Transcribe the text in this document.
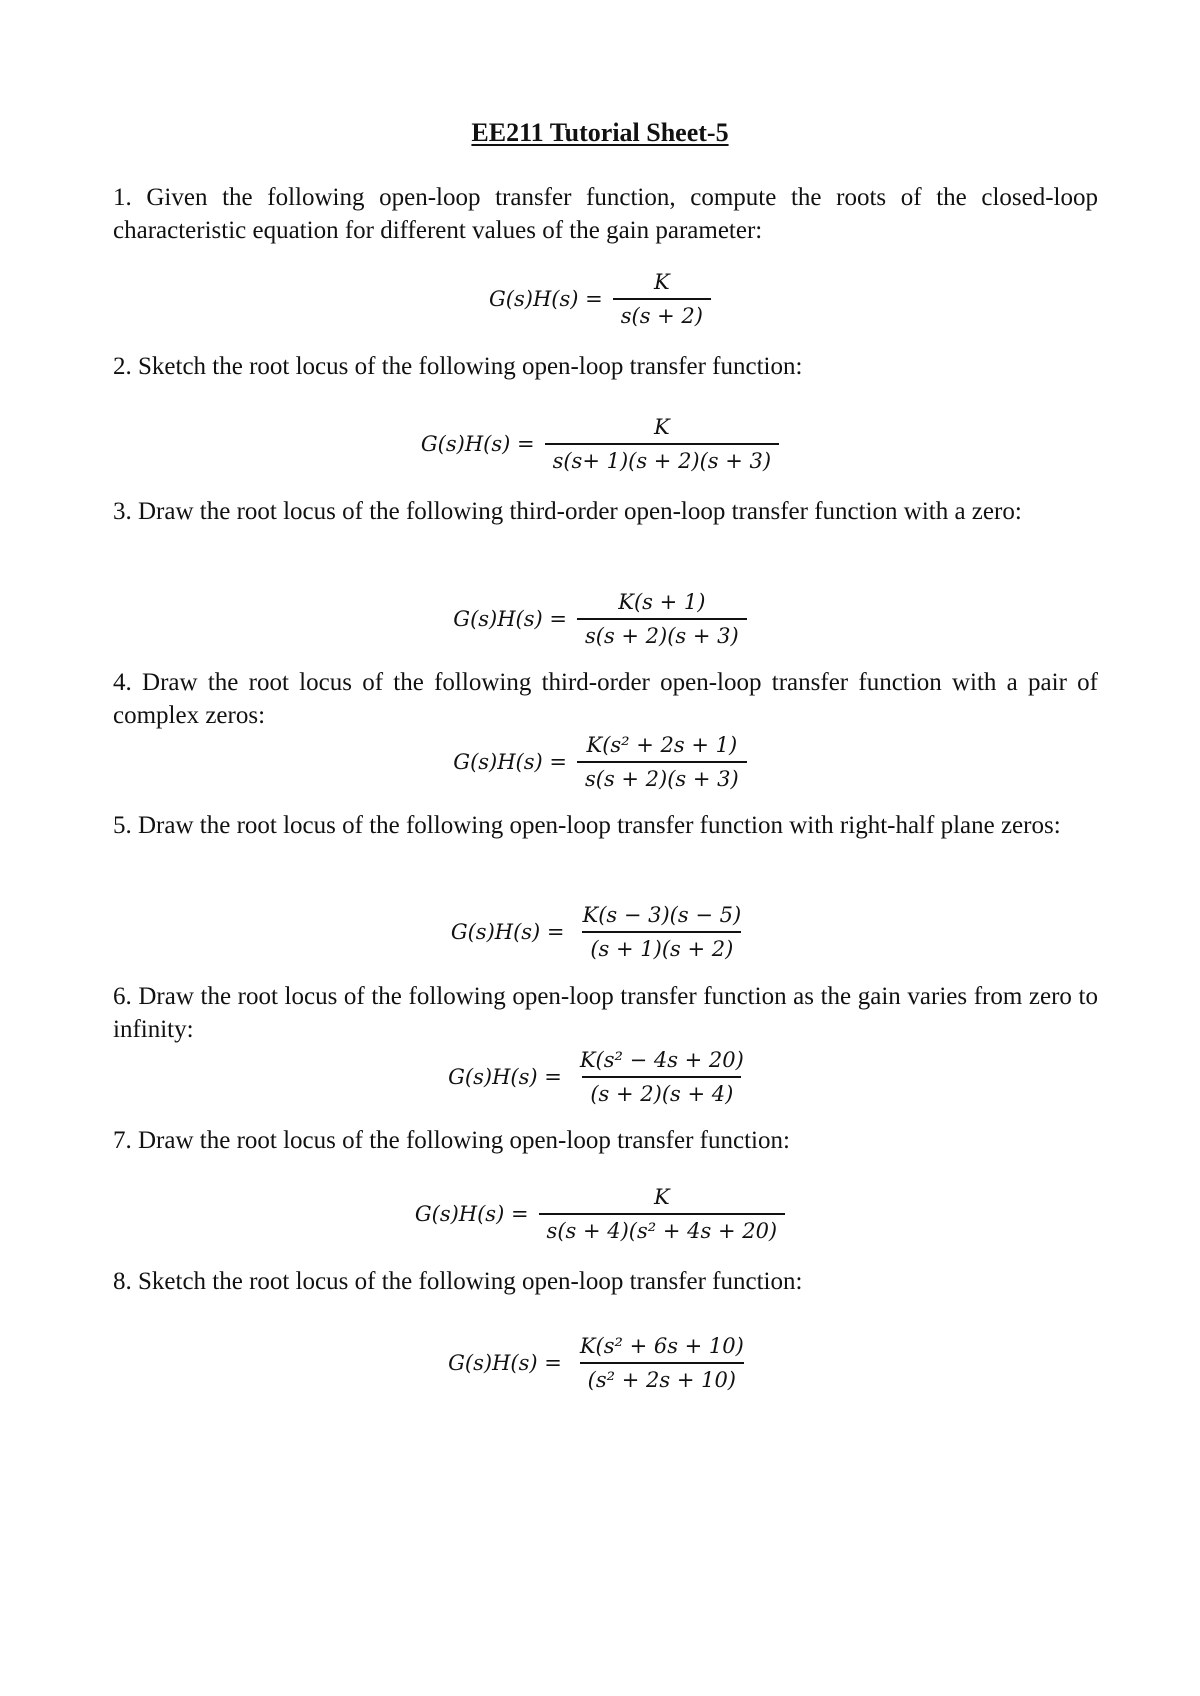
EE211 Tutorial Sheet-5
1. Given the following open-loop transfer function, compute the roots of the closed-loop characteristic equation for different values of the gain parameter:
$G(s)H(s) = \frac{K}{s(s + 2)}$
2. Sketch the root locus of the following open-loop transfer function:
$G(s)H(s) = \frac{K}{s(s+ 1)(s + 2)(s + 3)}$
3. Draw the root locus of the following third-order open-loop transfer function with a zero:
$G(s)H(s) = \frac{K(s + 1)}{s(s + 2)(s + 3)}$
4. Draw the root locus of the following third-order open-loop transfer function with a pair of complex zeros:
$G(s)H(s) = \frac{\text{K(s² + 2s + 1)}}{s(s + 2)(s + 3)}$
5. Draw the root locus of the following open-loop transfer function with right-half plane zeros:
$G(s)H(s) = \frac{K(s - 3)(s - 5)}{(s + 1)(s + 2)}$
6. Draw the root locus of the following open-loop transfer function as the gain varies from zero to infinity:
$G(s)H(s) = \frac{\text{K(s² − 4s + 20)}}{(s + 2)(s + 4)}$
7. Draw the root locus of the following open-loop transfer function:
$G(s)H(s) = \frac{K}{\text{s(s + 4)(s² + 4s + 20)}}$
8. Sketch the root locus of the following open-loop transfer function:
$G(s)H(s) = \frac{\text{K(s² + 6s + 10)}}{\text{(s² + 2s + 10)}}$
